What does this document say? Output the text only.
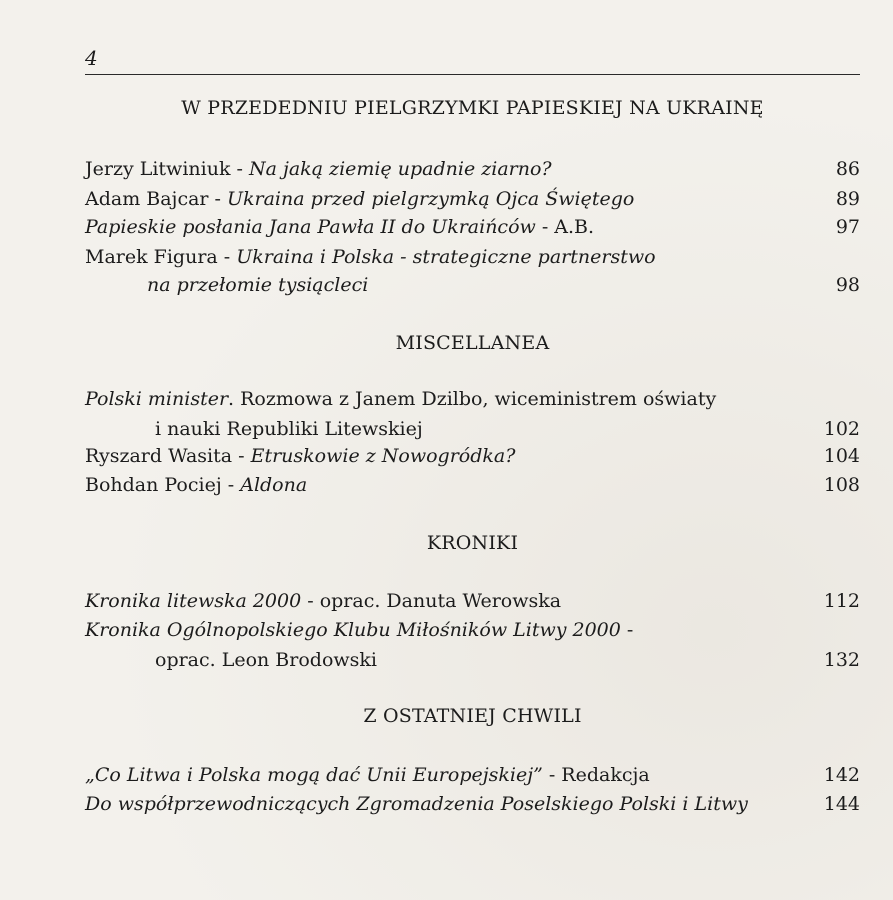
4
W PRZEDEDNIU PIELGRZYMKI PAPIESKIEJ NA UKRAINĘ
Jerzy Litwiniuk - Na jaką ziemię upadnie ziarno?	86
Adam Bajcar - Ukraina przed pielgrzymką Ojca Świętego	89
Papieskie posłania Jana Pawła II do Ukraińców - A.B.	97
Marek Figura - Ukraina i Polska - strategiczne partnerstwo
na przełomie tysiącleci	98
MISCELLANEA
Polski minister. Rozmowa z Janem Dzilbo, wiceministrem oświaty
i nauki Republiki Litewskiej	102
Ryszard Wasita - Etruskowie z Nowogródka?	104
Bohdan Pociej - Aldona	108
KRONIKI
Kronika litewska 2000 - oprac. Danuta Werowska	112
Kronika Ogólnopolskiego Klubu Miłośników Litwy 2000 -
oprac. Leon Brodowski	132
Z OSTATNIEJ CHWILI
„Co Litwa i Polska mogą dać Unii Europejskiej” - Redakcja	142
Do współprzewodniczących Zgromadzenia Poselskiego Polski i Litwy	144
